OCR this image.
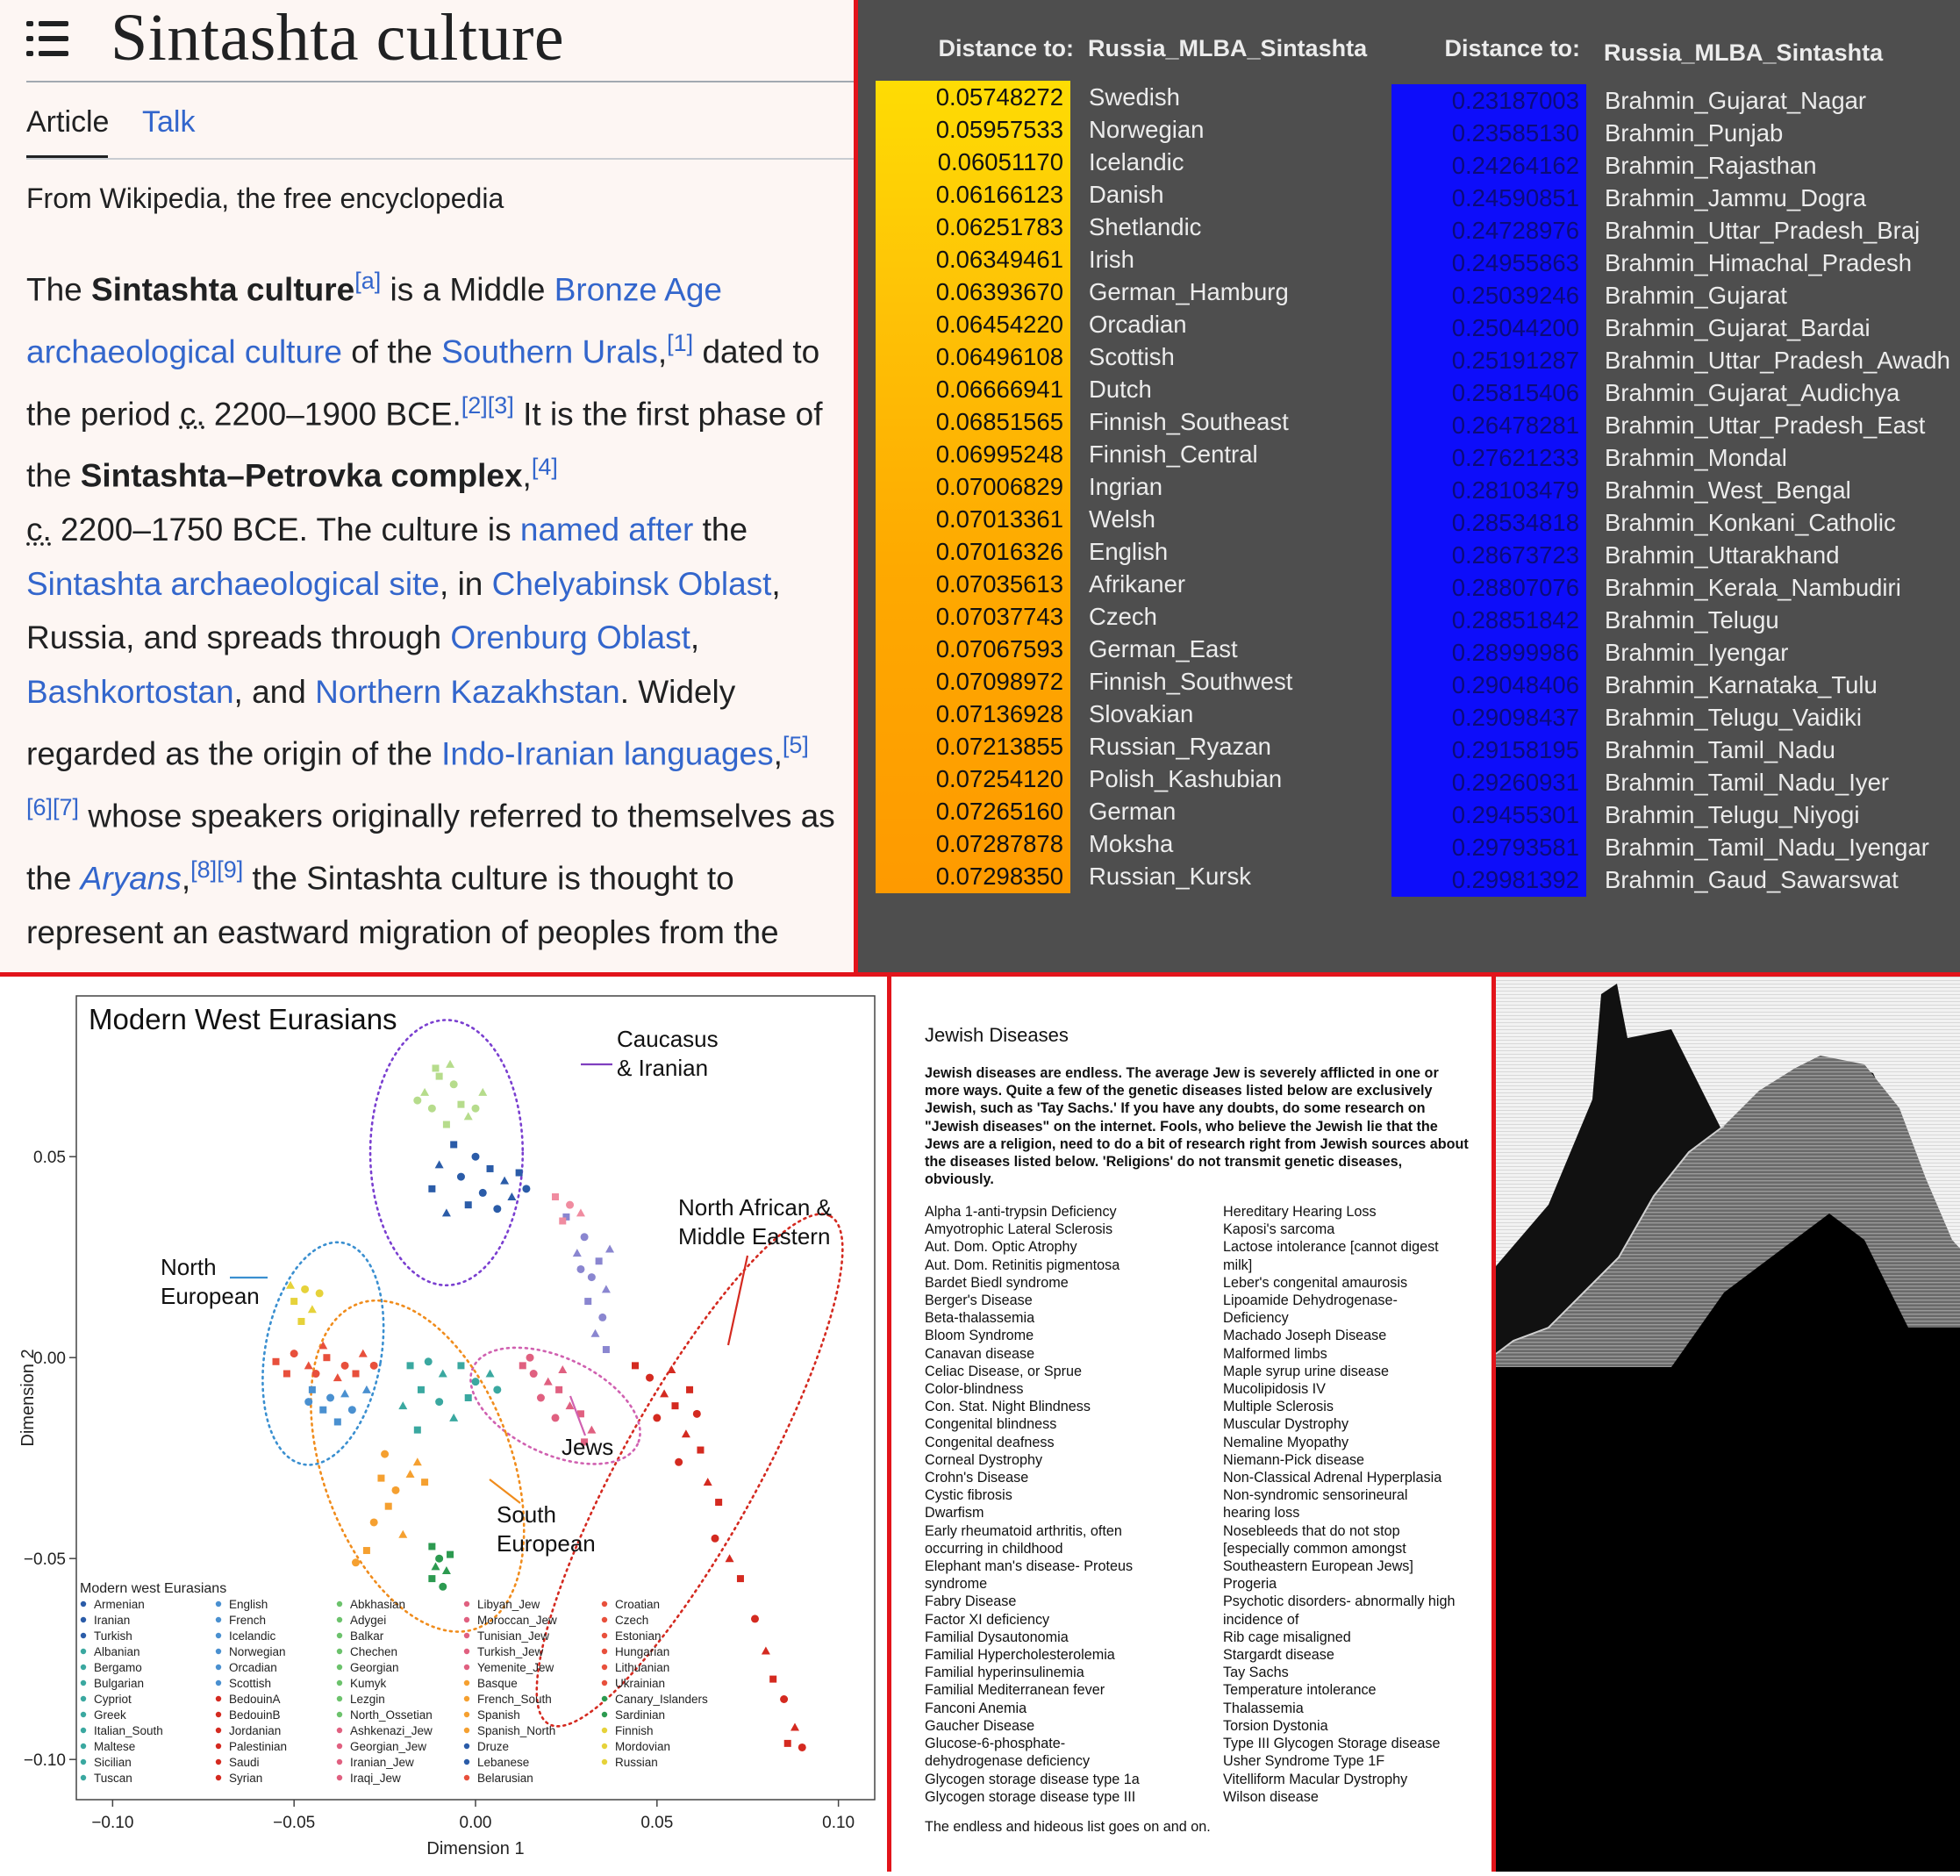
Sintashta culture
Article Talk
From Wikipedia, the free encyclopedia
The Sintashta culture[a] is a Middle Bronze Age archaeological culture of the Southern Urals,[1] dated to the period c. 2200–1900 BCE.[2][3] It is the first phase of the Sintashta–Petrovka complex,[4]
c. 2200–1750 BCE. The culture is named after the Sintashta archaeological site, in Chelyabinsk Oblast, Russia, and spreads through Orenburg Oblast, Bashkortostan, and Northern Kazakhstan. Widely regarded as the origin of the Indo-Iranian languages,[5]
[6][7] whose speakers originally referred to themselves as the Aryans,[8][9] the Sintashta culture is thought to represent an eastward migration of peoples from the
Distance to: Russia_MLBA_Sintashta
0.05748272 Swedish
0.05957533 Norwegian
0.06051170 Icelandic
0.06166123 Danish
0.06251783 Shetlandic
0.06349461 Irish
0.06393670 German_Hamburg
0.06454220 Orcadian
0.06496108 Scottish
0.06666941 Dutch
0.06851565 Finnish_Southeast
0.06995248 Finnish_Central
0.07006829 Ingrian
0.07013361 Welsh
0.07016326 English
0.07035613 Afrikaner
0.07037743 Czech
0.07067593 German_East
0.07098972 Finnish_Southwest
0.07136928 Slovakian
0.07213855 Russian_Ryazan
0.07254120 Polish_Kashubian
0.07265160 German
0.07287878 Moksha
0.07298350 Russian_Kursk
Distance to: Russia_MLBA_Sintashta
0.23187003 Brahmin_Gujarat_Nagar
0.23585130 Brahmin_Punjab
0.24264162 Brahmin_Rajasthan
0.24590851 Brahmin_Jammu_Dogra
0.24728976 Brahmin_Uttar_Pradesh_Braj
0.24955863 Brahmin_Himachal_Pradesh
0.25039246 Brahmin_Gujarat
0.25044200 Brahmin_Gujarat_Bardai
0.25191287 Brahmin_Uttar_Pradesh_Awadh
0.25815406 Brahmin_Gujarat_Audichya
0.26478281 Brahmin_Uttar_Pradesh_East
0.27621233 Brahmin_Mondal
0.28103479 Brahmin_West_Bengal
0.28534818 Brahmin_Konkani_Catholic
0.28673723 Brahmin_Uttarakhand
0.28807076 Brahmin_Kerala_Nambudiri
0.28851842 Brahmin_Telugu
0.28999986 Brahmin_Iyengar
0.29048406 Brahmin_Karnataka_Tulu
0.29098437 Brahmin_Telugu_Vaidiki
0.29158195 Brahmin_Tamil_Nadu
0.29260931 Brahmin_Tamil_Nadu_Iyer
0.29455301 Brahmin_Telugu_Niyogi
0.29793581 Brahmin_Tamil_Nadu_Iyengar
0.29981392 Brahmin_Gaud_Sawarswat
Modern West Eurasians
−0.10	−0.05	0.00	0.05	0.10
0.05
0.00
−0.05
−0.10
Dimension 1
Dimension 2
Caucasus
& Iranian
North African &
Middle Eastern
North
European
Jews
South
European
Modern west Eurasians
Armenian
Iranian
Turkish
Albanian
Bergamo
Bulgarian
Cypriot
Greek
Italian_South
Maltese
Sicilian
Tuscan
English
French
Icelandic
Norwegian
Orcadian
Scottish
BedouinA
BedouinB
Jordanian
Palestinian
Saudi
Syrian
Abkhasian
Adygei
Balkar
Chechen
Georgian
Kumyk
Lezgin
North_Ossetian
Ashkenazi_Jew
Georgian_Jew
Iranian_Jew
Iraqi_Jew
Libyan_Jew
Moroccan_Jew
Tunisian_Jew
Turkish_Jew
Yemenite_Jew
Basque
French_South
Spanish
Spanish_North
Druze
Lebanese
Belarusian
Croatian
Czech
Estonian
Hungarian
Lithuanian
Ukrainian
Canary_Islanders
Sardinian
Finnish
Mordovian
Russian
Jewish Diseases
Jewish diseases are endless. The average Jew is severely afflicted in one or more ways. Quite a few of the genetic diseases listed below are exclusively Jewish, such as 'Tay Sachs.' If you have any doubts, do some research on "Jewish diseases" on the internet. Fools, who believe the Jewish lie that the Jews are a religion, need to do a bit of research right from Jewish sources about the diseases listed below. 'Religions' do not transmit genetic diseases, obviously.
Alpha 1-anti-trypsin Deficiency
Amyotrophic Lateral Sclerosis
Aut. Dom. Optic Atrophy
Aut. Dom. Retinitis pigmentosa
Bardet Biedl syndrome
Berger's Disease
Beta-thalassemia
Bloom Syndrome
Canavan disease
Celiac Disease, or Sprue
Color-blindness
Con. Stat. Night Blindness
Congenital blindness
Congenital deafness
Corneal Dystrophy
Crohn's Disease
Cystic fibrosis
Dwarfism
Early rheumatoid arthritis, often
occurring in childhood
Elephant man's disease- Proteus
syndrome
Fabry Disease
Factor XI deficiency
Familial Dysautonomia
Familial Hypercholesterolemia
Familial hyperinsulinemia
Familial Mediterranean fever
Fanconi Anemia
Gaucher Disease
Glucose-6-phosphate-
dehydrogenase deficiency
Glycogen storage disease type 1a
Glycogen storage disease type III
Hereditary Hearing Loss
Kaposi's sarcoma
Lactose intolerance [cannot digest
milk]
Leber's congenital amaurosis
Lipoamide Dehydrogenase-
Deficiency
Machado Joseph Disease
Malformed limbs
Maple syrup urine disease
Mucolipidosis IV
Multiple Sclerosis
Muscular Dystrophy
Nemaline Myopathy
Niemann-Pick disease
Non-Classical Adrenal Hyperplasia
Non-syndromic sensorineural
hearing loss
Nosebleeds that do not stop
[especially common amongst
Southeastern European Jews]
Progeria
Psychotic disorders- abnormally high
incidence of
Rib cage misaligned
Stargardt disease
Tay Sachs
Temperature intolerance
Thalassemia
Torsion Dystonia
Type III Glycogen Storage disease
Usher Syndrome Type 1F
Vitelliform Macular Dystrophy
Wilson disease
The endless and hideous list goes on and on.
